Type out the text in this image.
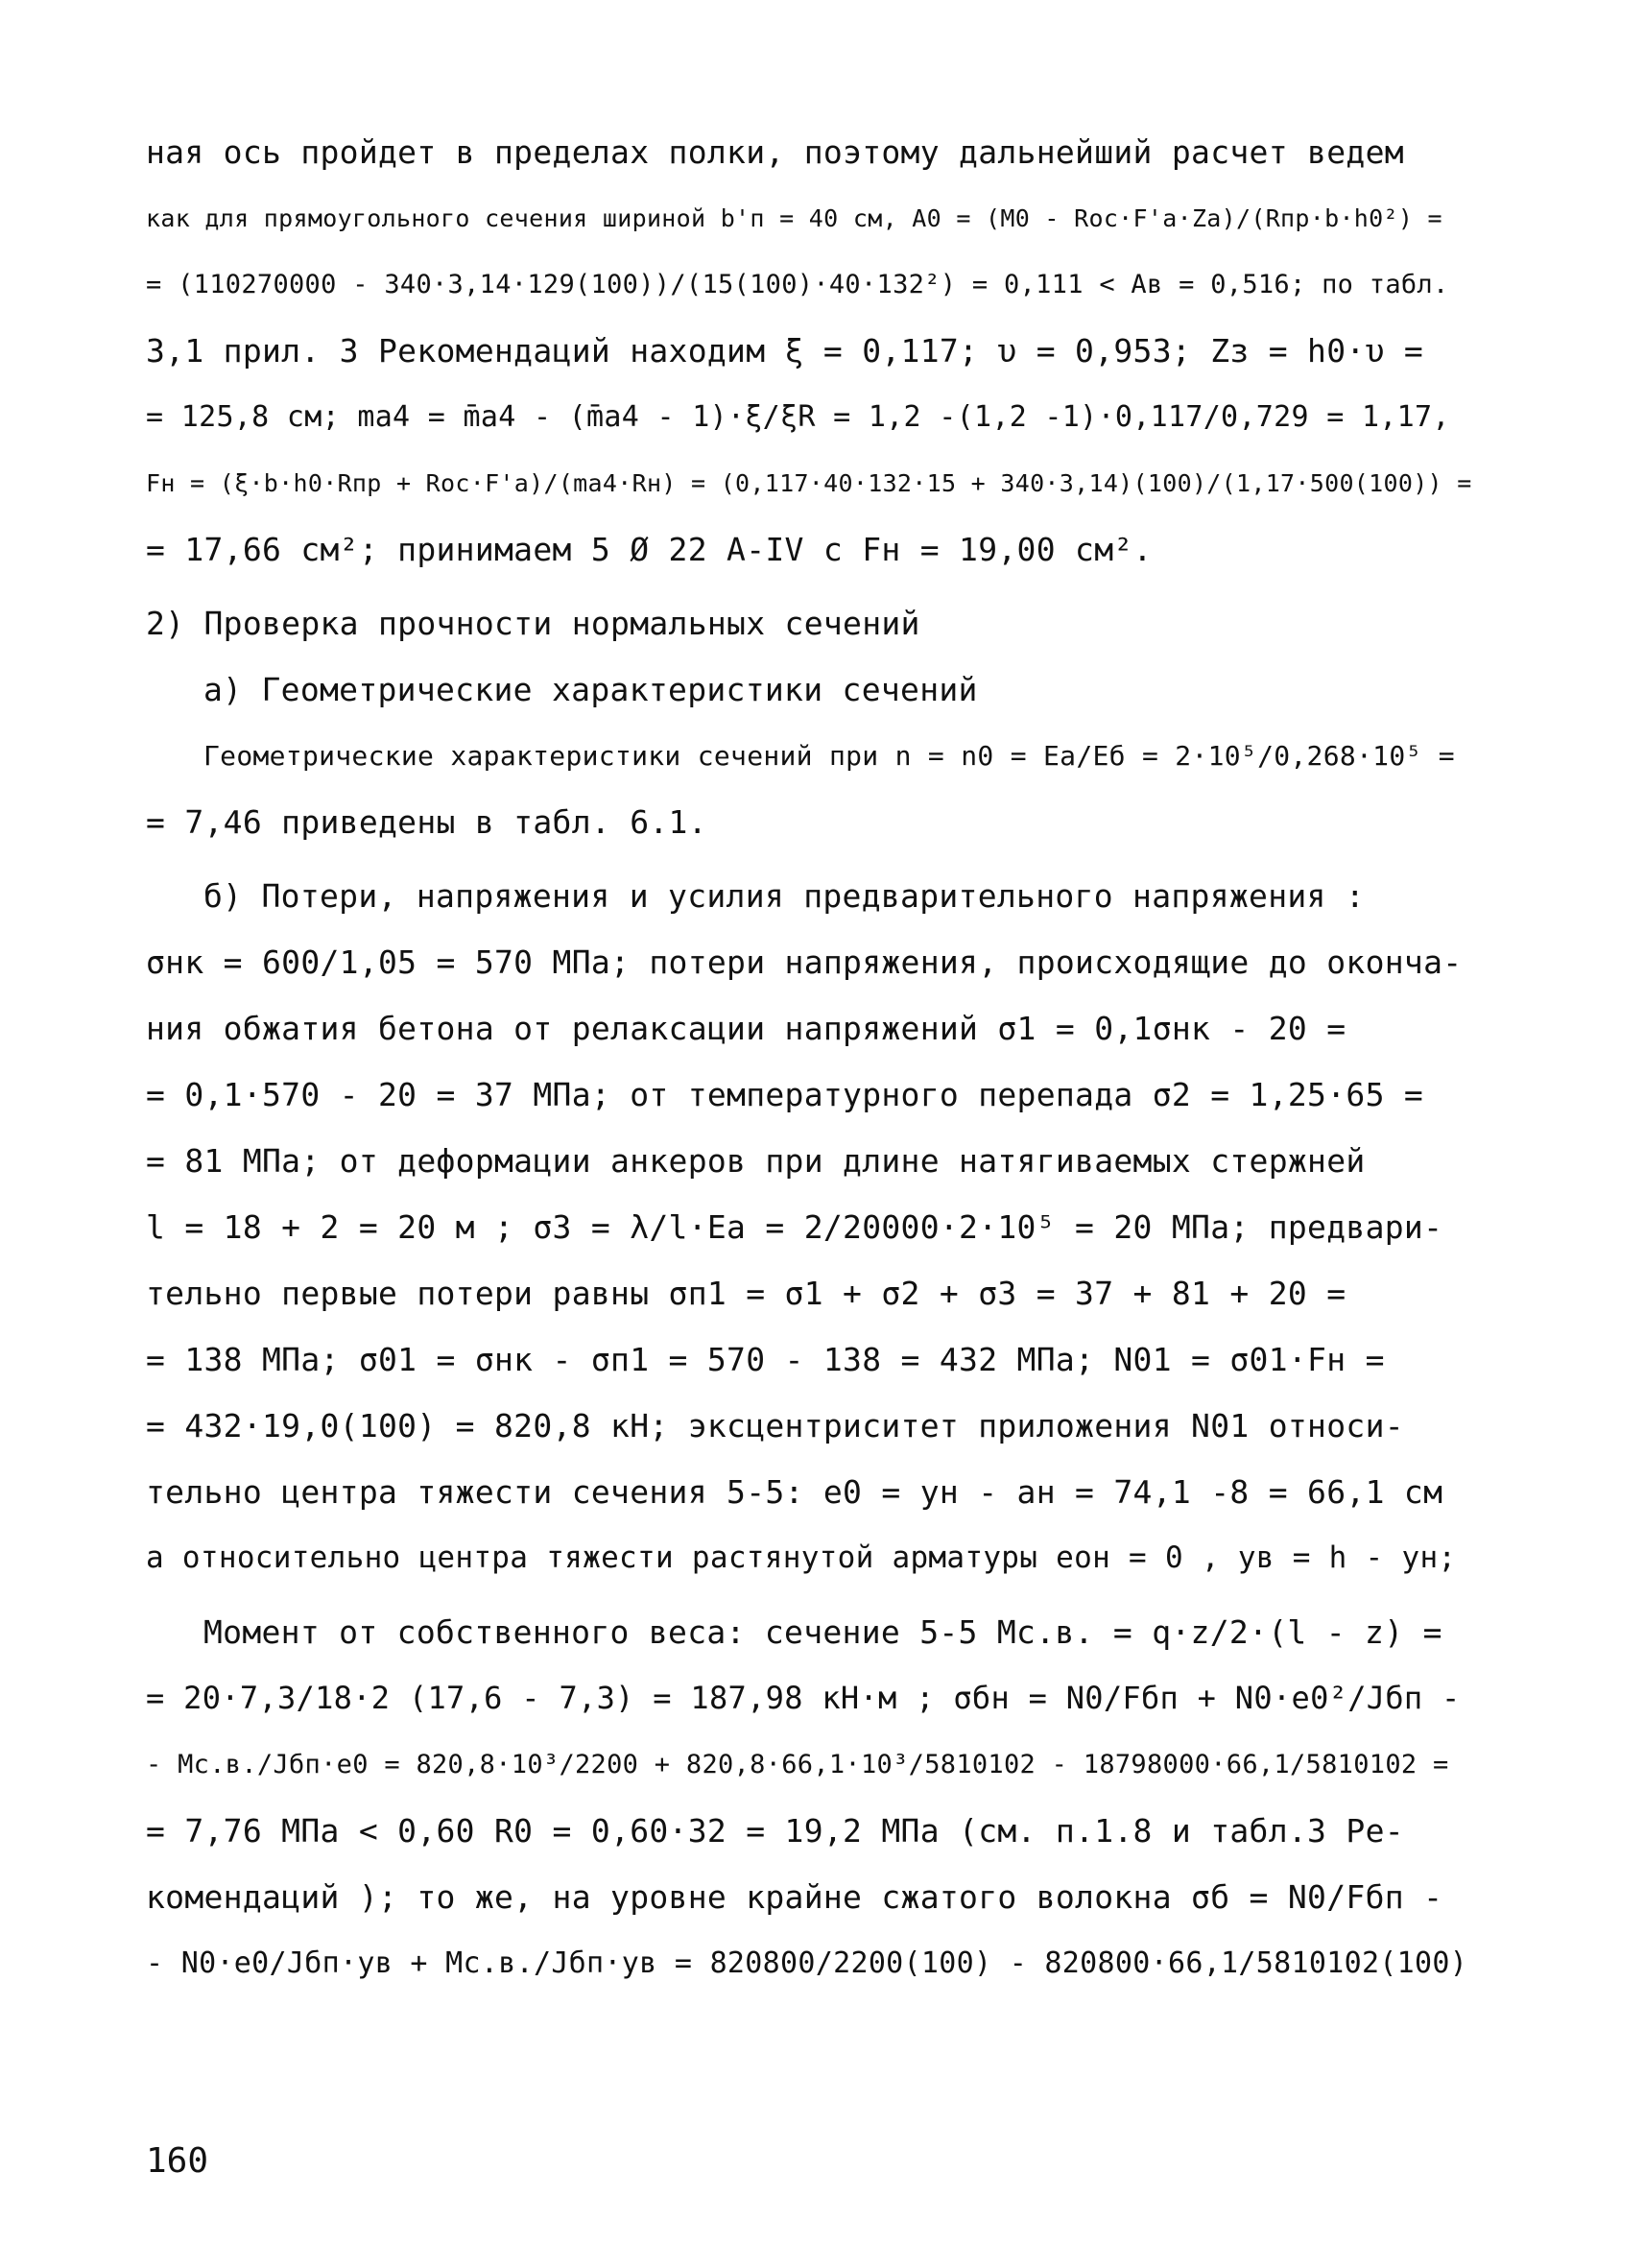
ная ось пройдет в пределах полки, поэтому дальнейший расчет ведем
как для прямоугольного сечения шириной b'п = 40 см, A0 = (M0 - Rос·F'a·Za)/(Rпр·b·h0²) =
= (110270000 - 340·3,14·129(100))/(15(100)·40·132²) = 0,111 < Aв = 0,516; по табл.
3,1 прил. 3 Рекомендаций находим ξ = 0,117; υ = 0,953; Zз = h0·υ =
= 125,8 см; mа4 = m̄а4 - (m̄а4 - 1)·ξ/ξR = 1,2 -(1,2 -1)·0,117/0,729 = 1,17,
Fн = (ξ·b·h0·Rпр + Rос·F'a)/(mа4·Rн) = (0,117·40·132·15 + 340·3,14)(100)/(1,17·500(100)) =
= 17,66 см²; принимаем 5 Ø 22 A-IV с Fн = 19,00 см².
2) Проверка прочности нормальных сечений
а) Геометрические характеристики сечений
Геометрические характеристики сечений при n = n0 = Ea/Eб = 2·10⁵/0,268·10⁵ =
= 7,46 приведены в табл. 6.1.
б) Потери, напряжения и усилия предварительного напряжения :
σнк = 600/1,05 = 570 МПа; потери напряжения, происходящие до оконча-
ния обжатия бетона от релаксации напряжений σ1 = 0,1σнк - 20 =
= 0,1·570 - 20 = 37 МПа; от температурного перепада σ2 = 1,25·65 =
= 81 МПа; от деформации анкеров при длине натягиваемых стержней
l = 18 + 2 = 20 м ; σ3 = λ/l·Ea = 2/20000·2·10⁵ = 20 МПа; предвари-
тельно первые потери равны σп1 = σ1 + σ2 + σ3 = 37 + 81 + 20 =
= 138 МПа; σ01 = σнк - σп1 = 570 - 138 = 432 МПа; N01 = σ01·Fн =
= 432·19,0(100) = 820,8 кН; эксцентриситет приложения N01 относи-
тельно центра тяжести сечения 5-5: e0 = yн - aн = 74,1 -8 = 66,1 см
а относительно центра тяжести растянутой арматуры eон = 0 , yв = h - yн;
Момент от собственного веса: сечение 5-5 Mс.в. = q·z/2·(l - z) =
= 20·7,3/18·2 (17,6 - 7,3) = 187,98 кН·м ; σбн = N0/Fбп + N0·e0²/Jбп -
- Mс.в./Jбп·e0 = 820,8·10³/2200 + 820,8·66,1·10³/5810102 - 18798000·66,1/5810102 =
= 7,76 МПа < 0,60 R0 = 0,60·32 = 19,2 МПа (см. п.1.8 и табл.3 Ре-
комендаций ); то же, на уровне крайне сжатого волокна σб = N0/Fбп -
- N0·e0/Jбп·yв + Mс.в./Jбп·yв = 820800/2200(100) - 820800·66,1/5810102(100)
160
